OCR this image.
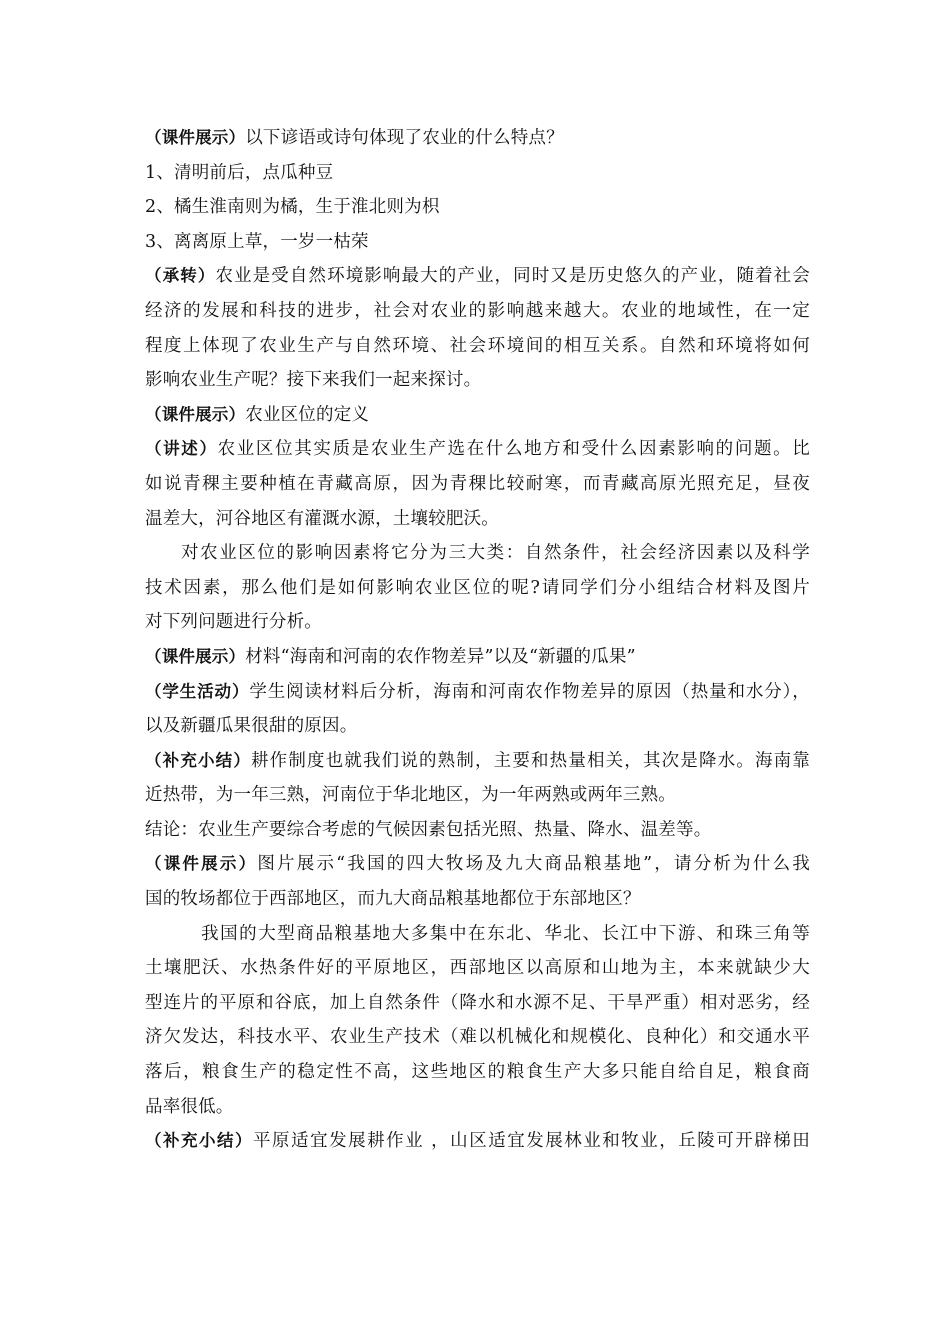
（课件展示）以下谚语或诗句体现了农业的什么特点？
1、清明前后，点瓜种豆
2、橘生淮南则为橘，生于淮北则为枳
3、离离原上草，一岁一枯荣
（承转）农业是受自然环境影响最大的产业，同时又是历史悠久的产业，随着社会
经济的发展和科技的进步，社会对农业的影响越来越大。农业的地域性，在一定
程度上体现了农业生产与自然环境、社会环境间的相互关系。自然和环境将如何
影响农业生产呢？接下来我们一起来探讨。
（课件展示）农业区位的定义
（讲述）农业区位其实质是农业生产选在什么地方和受什么因素影响的问题。比
如说青稞主要种植在青藏高原，因为青稞比较耐寒，而青藏高原光照充足，昼夜
温差大，河谷地区有灌溉水源，土壤较肥沃。
对农业区位的影响因素将它分为三大类：自然条件，社会经济因素以及科学
技术因素，那么他们是如何影响农业区位的呢?请同学们分小组结合材料及图片
对下列问题进行分析。
（课件展示）材料“海南和河南的农作物差异”以及“新疆的瓜果”
（学生活动）学生阅读材料后分析，海南和河南农作物差异的原因（热量和水分），
以及新疆瓜果很甜的原因。
（补充小结）耕作制度也就我们说的熟制，主要和热量相关，其次是降水。海南靠
近热带，为一年三熟，河南位于华北地区，为一年两熟或两年三熟。
结论：农业生产要综合考虑的气候因素包括光照、热量、降水、温差等。
（课件展示）图片展示“我国的四大牧场及九大商品粮基地”，请分析为什么我
国的牧场都位于西部地区，而九大商品粮基地都位于东部地区？
我国的大型商品粮基地大多集中在东北、华北、长江中下游、和珠三角等
土壤肥沃、水热条件好的平原地区，西部地区以高原和山地为主，本来就缺少大
型连片的平原和谷底，加上自然条件（降水和水源不足、干旱严重）相对恶劣，经
济欠发达，科技水平、农业生产技术（难以机械化和规模化、良种化）和交通水平
落后，粮食生产的稳定性不高，这些地区的粮食生产大多只能自给自足，粮食商
品率很低。
（补充小结）平原适宜发展耕作业 ，山区适宜发展林业和牧业，丘陵可开辟梯田
